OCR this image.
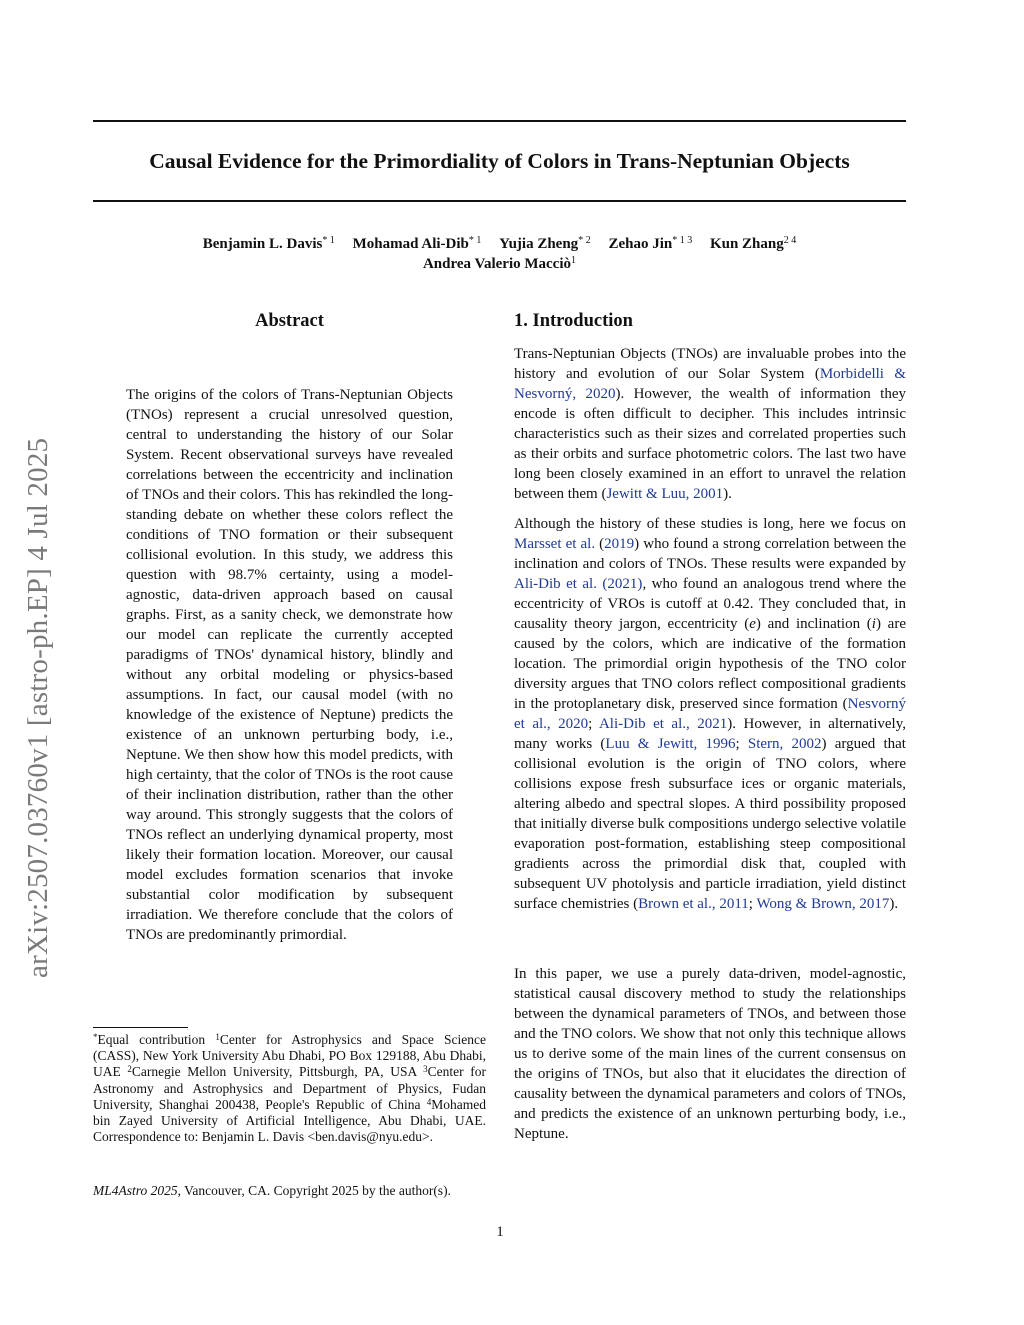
arXiv:2507.03760v1 [astro-ph.EP] 4 Jul 2025
Causal Evidence for the Primordiality of Colors in Trans-Neptunian Objects
Benjamin L. Davis$^{* 1}$ Mohamad Ali-Dib$^{* 1}$ Yujia Zheng$^{* 2}$ Zehao Jin$^{* 1 3}$ Kun Zhang$^{2 4}$
Andrea Valerio Macciò$^1$
Abstract

The origins of the colors of Trans-Neptunian Objects (TNOs) represent a crucial unresolved question, central to understanding the history of our Solar System. Recent observational surveys have revealed correlations between the eccentricity and inclination of TNOs and their colors. This has rekindled the long-standing debate on whether these colors reflect the conditions of TNO formation or their subsequent collisional evolution. In this study, we address this question with 98.7% certainty, using a model-agnostic, data-driven approach based on causal graphs. First, as a sanity check, we demonstrate how our model can replicate the currently accepted paradigms of TNOs' dynamical history, blindly and without any orbital modeling or physics-based assumptions. In fact, our causal model (with no knowledge of the existence of Neptune) predicts the existence of an unknown perturbing body, i.e., Neptune. We then show how this model predicts, with high certainty, that the color of TNOs is the root cause of their inclination distribution, rather than the other way around. This strongly suggests that the colors of TNOs reflect an underlying dynamical property, most likely their formation location. Moreover, our causal model excludes formation scenarios that invoke substantial color modification by subsequent irradiation. We therefore conclude that the colors of TNOs are predominantly primordial.

1. Introduction

Trans-Neptunian Objects (TNOs) are invaluable probes into the history and evolution of our Solar System (Morbidelli & Nesvorný, 2020). However, the wealth of information they encode is often difficult to decipher. This includes intrinsic characteristics such as their sizes and correlated properties such as their orbits and surface photometric colors. The last two have long been closely examined in an effort to unravel the relation between them (Jewitt & Luu, 2001).

Although the history of these studies is long, here we focus on Marsset et al. (2019) who found a strong correlation between the inclination and colors of TNOs. These results were expanded by Ali-Dib et al. (2021), who found an analogous trend where the eccentricity of VROs is cutoff at 0.42. They concluded that, in causality theory jargon, eccentricity (e) and inclination (i) are caused by the colors, which are indicative of the formation location. The primordial origin hypothesis of the TNO color diversity argues that TNO colors reflect compositional gradients in the protoplanetary disk, preserved since formation (Nesvorný et al., 2020; Ali-Dib et al., 2021). However, in alternatively, many works (Luu & Jewitt, 1996; Stern, 2002) argued that collisional evolution is the origin of TNO colors, where collisions expose fresh subsurface ices or organic materials, altering albedo and spectral slopes. A third possibility proposed that initially diverse bulk compositions undergo selective volatile evaporation post-formation, establishing steep compositional gradients across the primordial disk that, coupled with subsequent UV photolysis and particle irradiation, yield distinct surface chemistries (Brown et al., 2011; Wong & Brown, 2017).

In this paper, we use a purely data-driven, model-agnostic, statistical causal discovery method to study the relationships between the dynamical parameters of TNOs, and between those and the TNO colors. We show that not only this technique allows us to derive some of the main lines of the current consensus on the origins of TNOs, but also that it elucidates the direction of causality between the dynamical parameters and colors of TNOs, and predicts the existence of an unknown perturbing body, i.e., Neptune.

*Equal contribution $^1$Center for Astrophysics and Space Science (CASS), New York University Abu Dhabi, PO Box 129188, Abu Dhabi, UAE $^2$Carnegie Mellon University, Pittsburgh, PA, USA $^3$Center for Astronomy and Astrophysics and Department of Physics, Fudan University, Shanghai 200438, People's Republic of China $^4$Mohamed bin Zayed University of Artificial Intelligence, Abu Dhabi, UAE. Correspondence to: Benjamin L. Davis <ben.davis@nyu.edu>.

ML4Astro 2025, Vancouver, CA. Copyright 2025 by the author(s).

1
